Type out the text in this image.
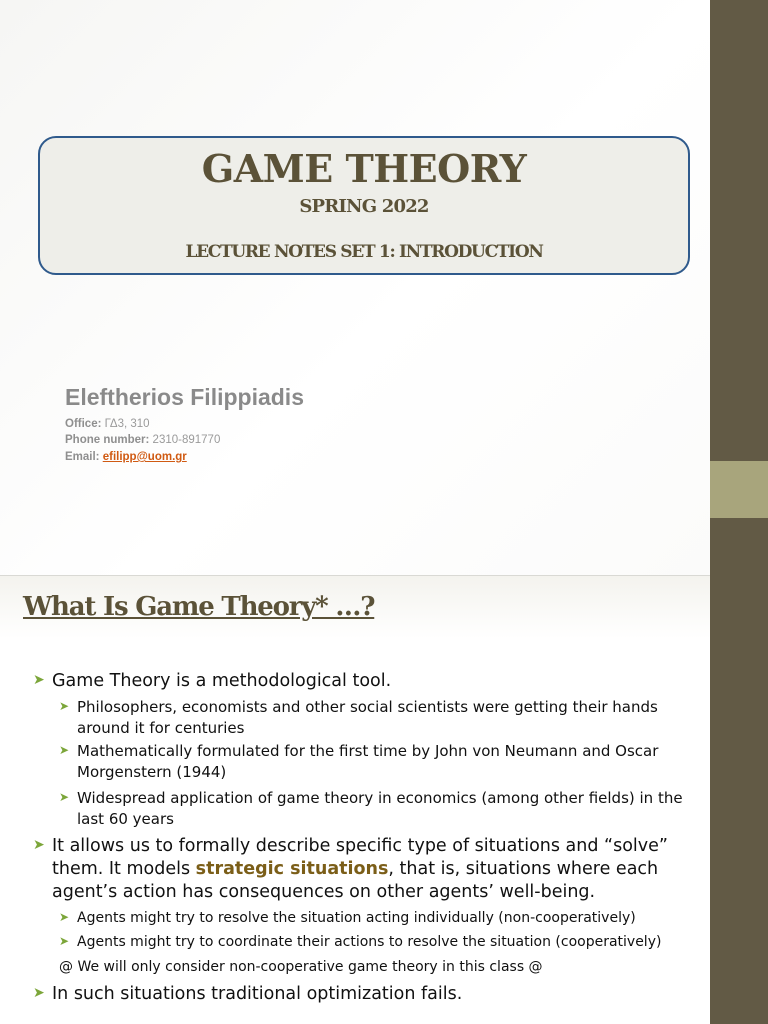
GAME THEORY
SPRING 2022
LECTURE NOTES SET 1: INTRODUCTION
Eleftherios Filippiadis
Office: ΓΔ3, 310
Phone number: 2310-891770
Email: efilipp@uom.gr
What Is Game Theory* …?
➤ Game Theory is a methodological tool.
➤ Philosophers, economists and other social scientists were getting their hands around it for centuries
➤ Mathematically formulated for the first time by John von Neumann and Oscar Morgenstern (1944)
➤ Widespread application of game theory in economics (among other fields) in the last 60 years
➤ It allows us to formally describe specific type of situations and “solve” them. It models strategic situations, that is, situations where each agent’s action has consequences on other agents’ well-being.
➤ Agents might try to resolve the situation acting individually (non-cooperatively)
➤ Agents might try to coordinate their actions to resolve the situation (cooperatively)
@ We will only consider non-cooperative game theory in this class @
➤ In such situations traditional optimization fails.
